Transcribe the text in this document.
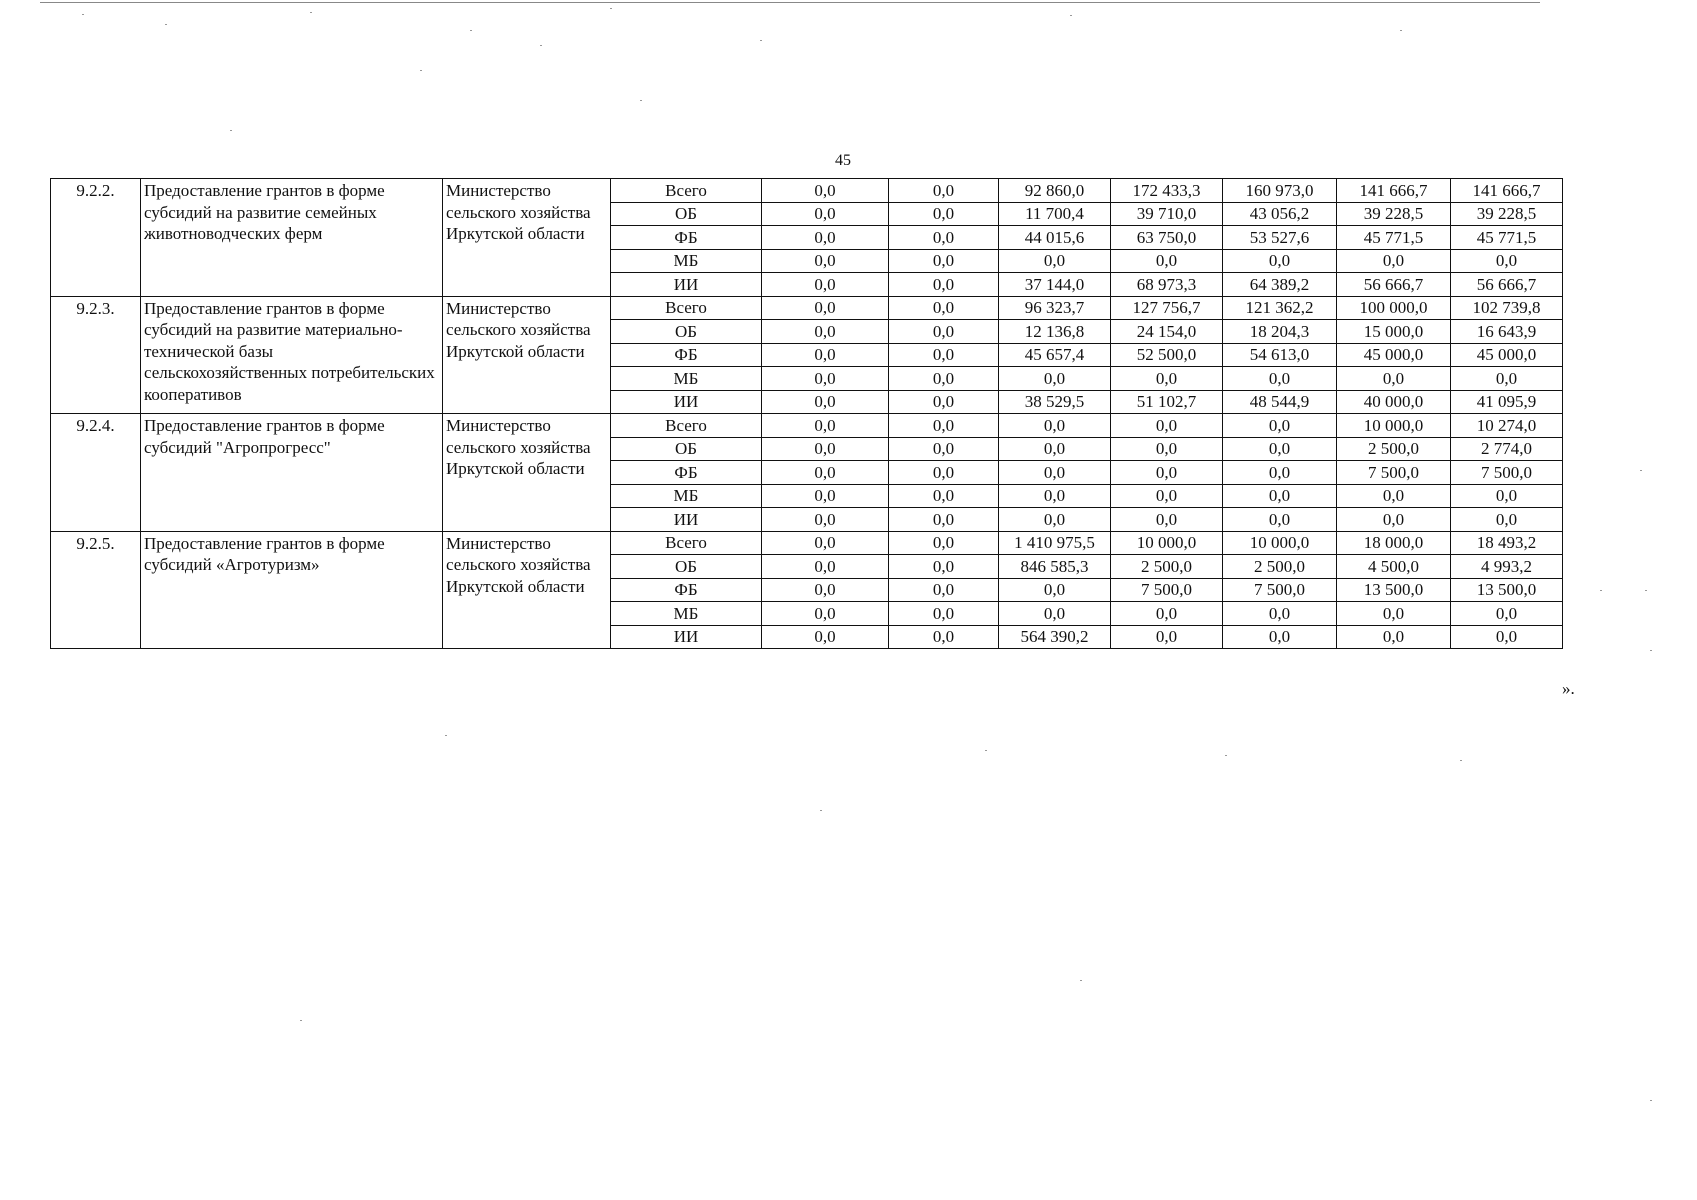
45
9.2.2.	Предоставление грантов в форме субсидий на развитие семейных животноводческих ферм	Министерство сельского хозяйства Иркутской области	Всего	0,0	0,0	92 860,0	172 433,3	160 973,0	141 666,7	141 666,7
			ОБ	0,0	0,0	11 700,4	39 710,0	43 056,2	39 228,5	39 228,5
			ФБ	0,0	0,0	44 015,6	63 750,0	53 527,6	45 771,5	45 771,5
			МБ	0,0	0,0	0,0	0,0	0,0	0,0	0,0
			ИИ	0,0	0,0	37 144,0	68 973,3	64 389,2	56 666,7	56 666,7
9.2.3.	Предоставление грантов в форме субсидий на развитие материально-технической базы сельскохозяйственных потребительских кооперативов	Министерство сельского хозяйства Иркутской области	Всего	0,0	0,0	96 323,7	127 756,7	121 362,2	100 000,0	102 739,8
			ОБ	0,0	0,0	12 136,8	24 154,0	18 204,3	15 000,0	16 643,9
			ФБ	0,0	0,0	45 657,4	52 500,0	54 613,0	45 000,0	45 000,0
			МБ	0,0	0,0	0,0	0,0	0,0	0,0	0,0
			ИИ	0,0	0,0	38 529,5	51 102,7	48 544,9	40 000,0	41 095,9
9.2.4.	Предоставление грантов в форме субсидий "Агропрогресс"	Министерство сельского хозяйства Иркутской области	Всего	0,0	0,0	0,0	0,0	0,0	10 000,0	10 274,0
			ОБ	0,0	0,0	0,0	0,0	0,0	2 500,0	2 774,0
			ФБ	0,0	0,0	0,0	0,0	0,0	7 500,0	7 500,0
			МБ	0,0	0,0	0,0	0,0	0,0	0,0	0,0
			ИИ	0,0	0,0	0,0	0,0	0,0	0,0	0,0
9.2.5.	Предоставление грантов в форме субсидий «Агротуризм»	Министерство сельского хозяйства Иркутской области	Всего	0,0	0,0	1 410 975,5	10 000,0	10 000,0	18 000,0	18 493,2
			ОБ	0,0	0,0	846 585,3	2 500,0	2 500,0	4 500,0	4 993,2
			ФБ	0,0	0,0	0,0	7 500,0	7 500,0	13 500,0	13 500,0
			МБ	0,0	0,0	0,0	0,0	0,0	0,0	0,0
			ИИ	0,0	0,0	564 390,2	0,0	0,0	0,0	0,0
».
